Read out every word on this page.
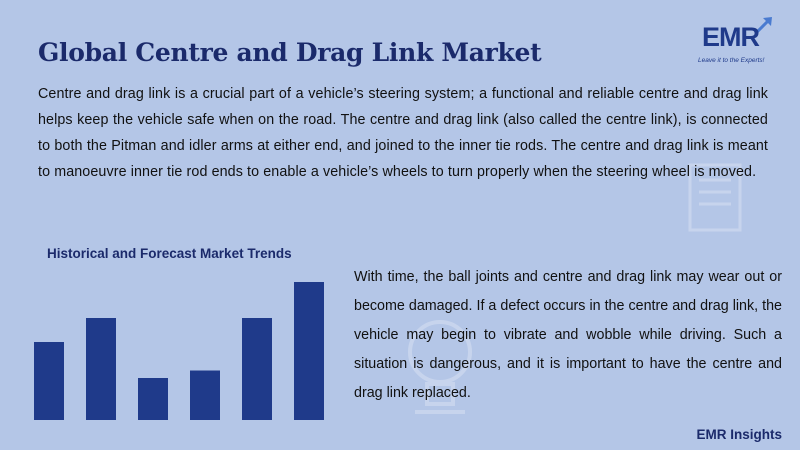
Global Centre and Drag Link Market
EMR
Leave it to the Experts!

Centre and drag link is a crucial part of a vehicle’s steering system; a functional and reliable centre and drag link helps keep the vehicle safe when on the road. The centre and drag link (also called the centre link), is connected to both the Pitman and idler arms at either end, and joined to the inner tie rods. The centre and drag link is meant to manoeuvre inner tie rod ends to enable a vehicle’s wheels to turn properly when the steering wheel is moved.

Historical and Forecast Market Trends

With time, the ball joints and centre and drag link may wear out or become damaged. If a defect occurs in the centre and drag link, the vehicle may begin to vibrate and wobble while driving. Such a situation is dangerous, and it is important to have the centre and drag link replaced.

EMR Insights
